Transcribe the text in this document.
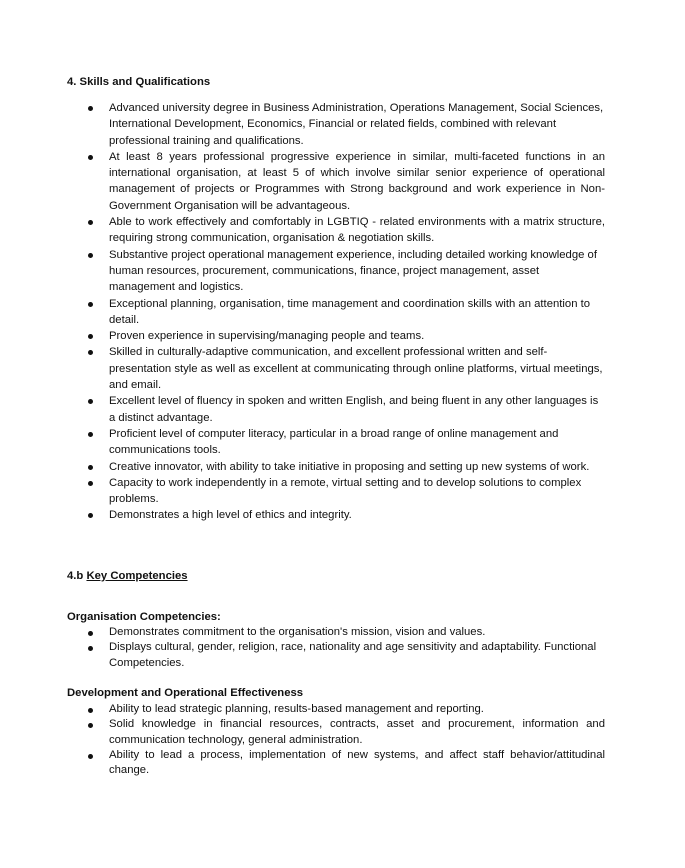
4. Skills and Qualifications
Advanced university degree in Business Administration, Operations Management, Social Sciences, International Development, Economics, Financial or related fields, combined with relevant professional training and qualifications.
At least 8 years professional progressive experience in similar, multi-faceted functions in an international organisation, at least 5 of which involve similar senior experience of operational management of projects or Programmes with Strong background and work experience in Non-Government Organisation will be advantageous.
Able to work effectively and comfortably in LGBTIQ - related environments with a matrix structure, requiring strong communication, organisation & negotiation skills.
Substantive project operational management experience, including detailed working knowledge of human resources, procurement, communications, finance, project management, asset management and logistics.
Exceptional planning, organisation, time management and coordination skills with an attention to detail.
Proven experience in supervising/managing people and teams.
Skilled in culturally-adaptive communication, and excellent professional written and self-presentation style as well as excellent at communicating through online platforms, virtual meetings, and email.
Excellent level of fluency in spoken and written English, and being fluent in any other languages is a distinct advantage.
Proficient level of computer literacy, particular in a broad range of online management and communications tools.
Creative innovator, with ability to take initiative in proposing and setting up new systems of work.
Capacity to work independently in a remote, virtual setting and to develop solutions to complex problems.
Demonstrates a high level of ethics and integrity.
4.b Key Competencies
Organisation Competencies:
Demonstrates commitment to the organisation's mission, vision and values.
Displays cultural, gender, religion, race, nationality and age sensitivity and adaptability. Functional Competencies.
Development and Operational Effectiveness
Ability to lead strategic planning, results-based management and reporting.
Solid knowledge in financial resources, contracts, asset and procurement, information and communication technology, general administration.
Ability to lead a process, implementation of new systems, and affect staff behavior/attitudinal change.
